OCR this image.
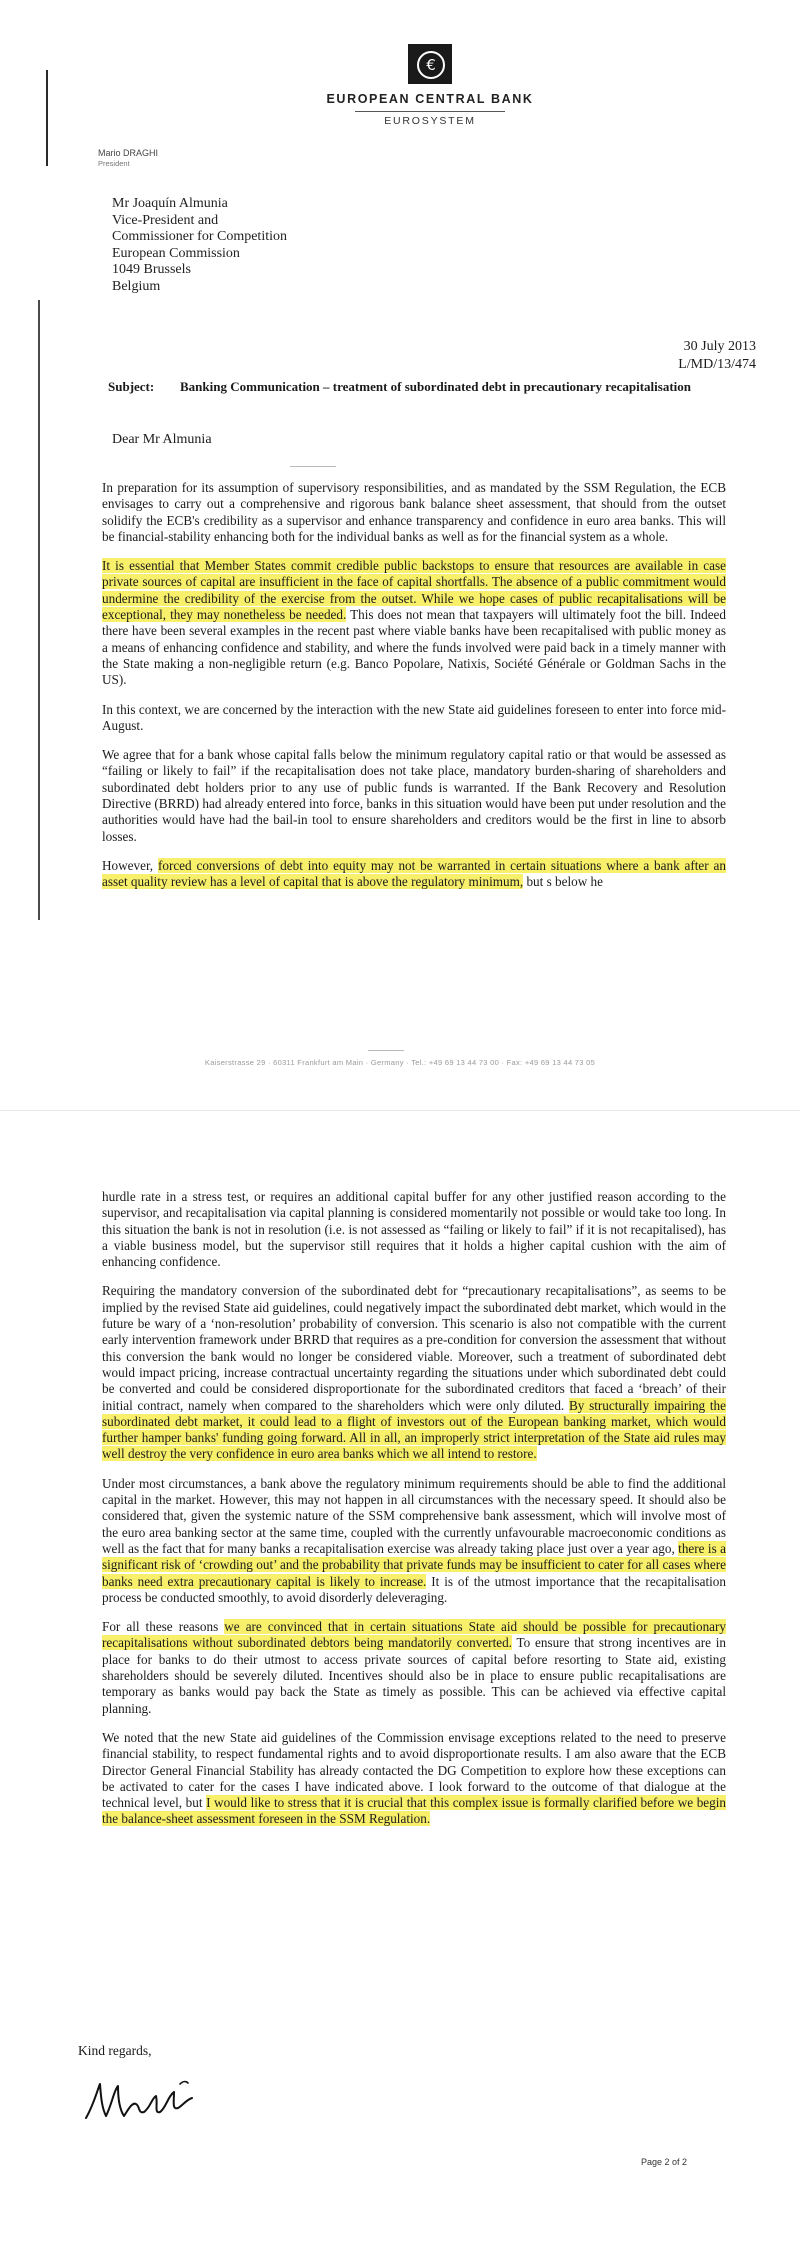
€
EUROPEAN CENTRAL BANK
EUROSYSTEM
Mario DRAGHI
President
Mr Joaquín Almunia
Vice-President and
Commissioner for Competition
European Commission
1049 Brussels
Belgium
30 July 2013
L/MD/13/474
Subject: Banking Communication – treatment of subordinated debt in precautionary recapitalisation
Dear Mr Almunia

In preparation for its assumption of supervisory responsibilities, and as mandated by the SSM Regulation, the ECB envisages to carry out a comprehensive and rigorous bank balance sheet assessment, that should from the outset solidify the ECB's credibility as a supervisor and enhance transparency and confidence in euro area banks. This will be financial-stability enhancing both for the individual banks as well as for the financial system as a whole.

It is essential that Member States commit credible public backstops to ensure that resources are available in case private sources of capital are insufficient in the face of capital shortfalls. The absence of a public commitment would undermine the credibility of the exercise from the outset. While we hope cases of public recapitalisations will be exceptional, they may nonetheless be needed. This does not mean that taxpayers will ultimately foot the bill. Indeed there have been several examples in the recent past where viable banks have been recapitalised with public money as a means of enhancing confidence and stability, and where the funds involved were paid back in a timely manner with the State making a non-negligible return (e.g. Banco Popolare, Natixis, Société Générale or Goldman Sachs in the US).

In this context, we are concerned by the interaction with the new State aid guidelines foreseen to enter into force mid-August.

We agree that for a bank whose capital falls below the minimum regulatory capital ratio or that would be assessed as “failing or likely to fail” if the recapitalisation does not take place, mandatory burden-sharing of shareholders and subordinated debt holders prior to any use of public funds is warranted. If the Bank Recovery and Resolution Directive (BRRD) had already entered into force, banks in this situation would have been put under resolution and the authorities would have had the bail-in tool to ensure shareholders and creditors would be the first in line to absorb losses.

However, forced conversions of debt into equity may not be warranted in certain situations where a bank after an asset quality review has a level of capital that is above the regulatory minimum, but s below he

Kaiserstrasse 29 · 60311 Frankfurt am Main · Germany · Tel.: +49 69 13 44 73 00 · Fax: +49 69 13 44 73 05

hurdle rate in a stress test, or requires an additional capital buffer for any other justified reason according to the supervisor, and recapitalisation via capital planning is considered momentarily not possible or would take too long. In this situation the bank is not in resolution (i.e. is not assessed as “failing or likely to fail” if it is not recapitalised), has a viable business model, but the supervisor still requires that it holds a higher capital cushion with the aim of enhancing confidence.

Requiring the mandatory conversion of the subordinated debt for “precautionary recapitalisations”, as seems to be implied by the revised State aid guidelines, could negatively impact the subordinated debt market, which would in the future be wary of a ‘non-resolution’ probability of conversion. This scenario is also not compatible with the current early intervention framework under BRRD that requires as a pre-condition for conversion the assessment that without this conversion the bank would no longer be considered viable. Moreover, such a treatment of subordinated debt would impact pricing, increase contractual uncertainty regarding the situations under which subordinated debt could be converted and could be considered disproportionate for the subordinated creditors that faced a ‘breach’ of their initial contract, namely when compared to the shareholders which were only diluted. By structurally impairing the subordinated debt market, it could lead to a flight of investors out of the European banking market, which would further hamper banks' funding going forward. All in all, an improperly strict interpretation of the State aid rules may well destroy the very confidence in euro area banks which we all intend to restore.

Under most circumstances, a bank above the regulatory minimum requirements should be able to find the additional capital in the market. However, this may not happen in all circumstances with the necessary speed. It should also be considered that, given the systemic nature of the SSM comprehensive bank assessment, which will involve most of the euro area banking sector at the same time, coupled with the currently unfavourable macroeconomic conditions as well as the fact that for many banks a recapitalisation exercise was already taking place just over a year ago, there is a significant risk of ‘crowding out’ and the probability that private funds may be insufficient to cater for all cases where banks need extra precautionary capital is likely to increase. It is of the utmost importance that the recapitalisation process be conducted smoothly, to avoid disorderly deleveraging.

For all these reasons we are convinced that in certain situations State aid should be possible for precautionary recapitalisations without subordinated debtors being mandatorily converted. To ensure that strong incentives are in place for banks to do their utmost to access private sources of capital before resorting to State aid, existing shareholders should be severely diluted. Incentives should also be in place to ensure public recapitalisations are temporary as banks would pay back the State as timely as possible. This can be achieved via effective capital planning.

We noted that the new State aid guidelines of the Commission envisage exceptions related to the need to preserve financial stability, to respect fundamental rights and to avoid disproportionate results. I am also aware that the ECB Director General Financial Stability has already contacted the DG Competition to explore how these exceptions can be activated to cater for the cases I have indicated above. I look forward to the outcome of that dialogue at the technical level, but I would like to stress that it is crucial that this complex issue is formally clarified before we begin the balance-sheet assessment foreseen in the SSM Regulation.

Kind regards,
Page 2 of 2
